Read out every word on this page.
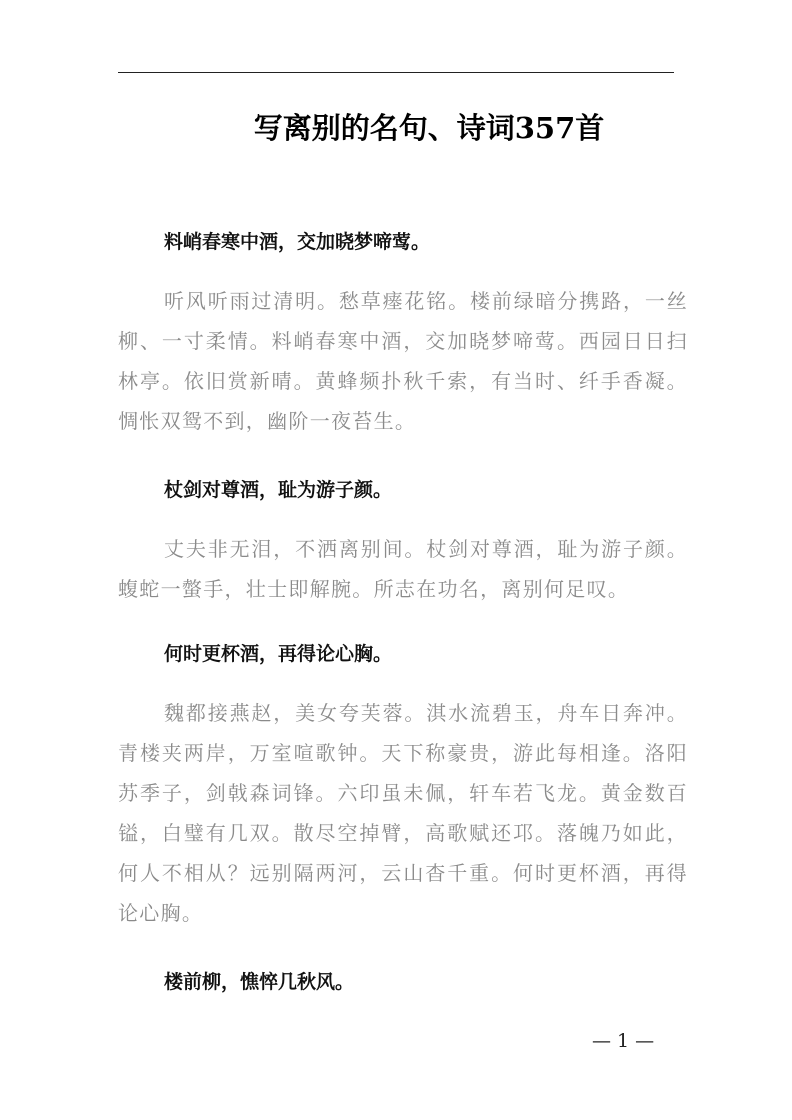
写离别的名句、诗词357首
料峭春寒中酒，交加晓梦啼莺。

听风听雨过清明。愁草瘗花铭。楼前绿暗分携路，一丝柳、一寸柔情。料峭春寒中酒，交加晓梦啼莺。西园日日扫林亭。依旧赏新晴。黄蜂频扑秋千索，有当时、纤手香凝。惆怅双鸳不到，幽阶一夜苔生。

杖剑对尊酒，耻为游子颜。

丈夫非无泪，不洒离别间。杖剑对尊酒，耻为游子颜。蝮蛇一螫手，壮士即解腕。所志在功名，离别何足叹。

何时更杯酒，再得论心胸。

魏都接燕赵，美女夸芙蓉。淇水流碧玉，舟车日奔冲。青楼夹两岸，万室喧歌钟。天下称豪贵，游此每相逢。洛阳苏季子，剑戟森词锋。六印虽未佩，轩车若飞龙。黄金数百镒，白璧有几双。散尽空掉臂，高歌赋还邛。落魄乃如此，何人不相从？远别隔两河，云山杳千重。何时更杯酒，再得论心胸。

楼前柳，憔悴几秋风。
— 1 —
